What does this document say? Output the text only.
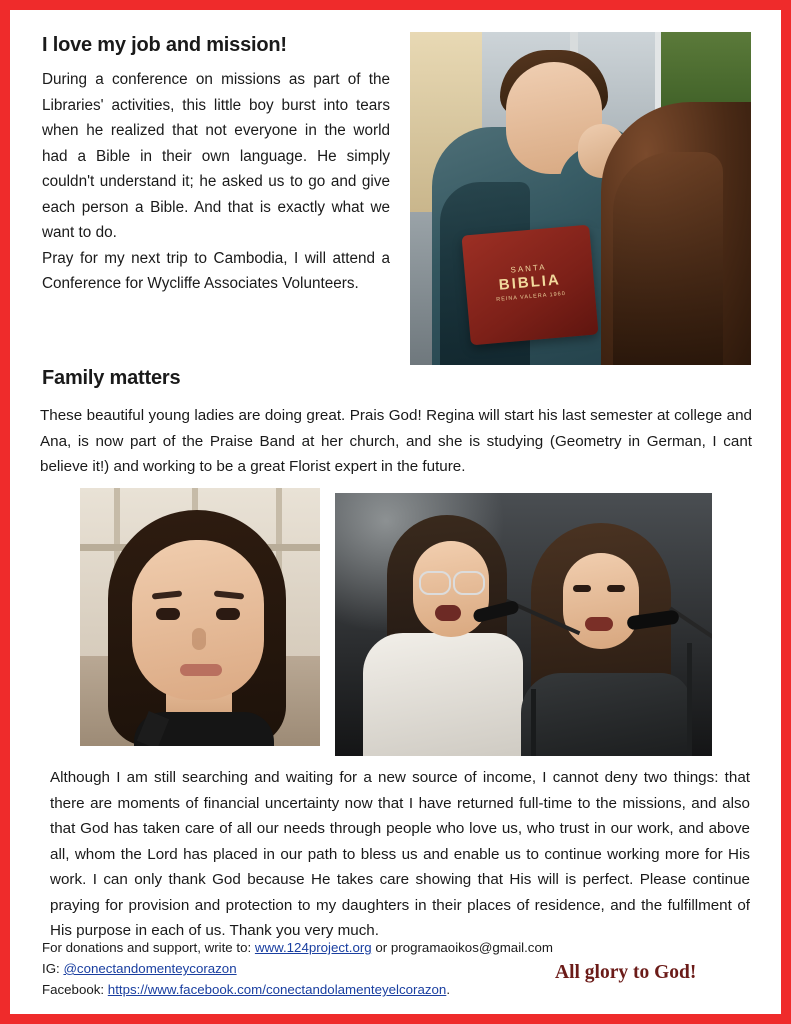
I love my job and mission!

During a conference on missions as part of the Libraries' activities, this little boy burst into tears when he realized that not everyone in the world had a Bible in their own language. He simply couldn't understand it; he asked us to go and give each person a Bible. And that is exactly what we want to do.

Pray for my next trip to Cambodia, I will attend a Conference for Wycliffe Associates Volunteers.

SANTA
BIBLIA
REINA VALERA 1960
Family matters
These beautiful young ladies are doing great. Prais God! Regina will start his last semester at college and Ana, is now part of the Praise Band at her church, and she is studying (Geometry in German, I cant believe it!) and working to be a great Florist expert in the future.
Although I am still searching and waiting for a new source of income, I cannot deny two things: that there are moments of financial uncertainty now that I have returned full-time to the missions, and also that God has taken care of all our needs through people who love us, who trust in our work, and above all, whom the Lord has placed in our path to bless us and enable us to continue working more for His work. I can only thank God because He takes care showing that His will is perfect. Please continue praying for provision and protection to my daughters in their places of residence, and the fulfillment of His purpose in each of us. Thank you very much.
For donations and support, write to: www.124project.org or programaoikos@gmail.com
IG: @conectandomenteycorazon
Facebook: https://www.facebook.com/conectandolamenteyelcorazon.
All glory to God!
